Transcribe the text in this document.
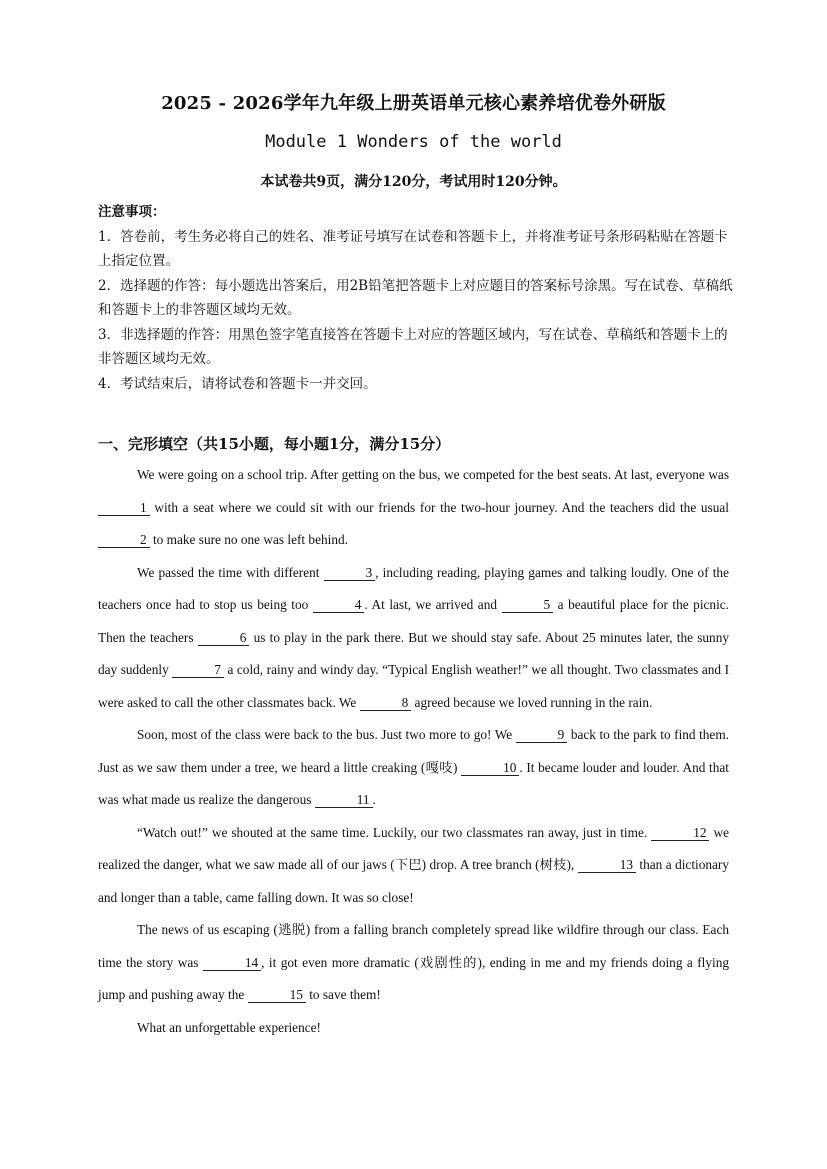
2025 - 2026学年九年级上册英语单元核心素养培优卷外研版
Module 1 Wonders of the world
本试卷共9页，满分120分，考试用时120分钟。

注意事项：

1．答卷前，考生务必将自己的姓名、准考证号填写在试卷和答题卡上，并将准考证号条形码粘贴在答题卡上指定位置。

2．选择题的作答：每小题选出答案后，用2B铅笔把答题卡上对应题目的答案标号涂黑。写在试卷、草稿纸和答题卡上的非答题区域均无效。

3．非选择题的作答：用黑色签字笔直接答在答题卡上对应的答题区域内，写在试卷、草稿纸和答题卡上的非答题区域均无效。

4．考试结束后，请将试卷和答题卡一并交回。

一、完形填空（共15小题，每小题1分，满分15分）

We were going on a school trip. After getting on the bus, we competed for the best seats. At last, everyone was 1 with a seat where we could sit with our friends for the two-hour journey. And the teachers did the usual 2 to make sure no one was left behind.

We passed the time with different	3 , including reading, playing games and talking loudly. One of the teachers once had to stop us being too	4 . At last, we arrived and	5 a beautiful place for the picnic. Then the teachers	6 us to play in the park there. But we should stay safe. About 25 minutes later, the sunny day suddenly	7 a cold, rainy and windy day. “Typical English weather!” we all thought. Two classmates and I were asked to call the other classmates back. We	8 agreed because we loved running in the rain.

Soon, most of the class were back to the bus. Just two more to go! We	9 back to the park to find them. Just as we saw them under a tree, we heard a little creaking (嘎吱)	10 . It became louder and louder. And that was what made us realize the dangerous	11 .

“Watch out!” we shouted at the same time. Luckily, our two classmates ran away, just in time.	12 we realized the danger, what we saw made all of our jaws (下巴) drop. A tree branch (树枝),	13 than a dictionary and longer than a table, came falling down. It was so close!

The news of us escaping (逃脱) from a falling branch completely spread like wildfire through our class. Each time the story was	14 , it got even more dramatic (戏剧性的), ending in me and my friends doing a flying jump and pushing away the	15 to save them!

What an unforgettable experience!
